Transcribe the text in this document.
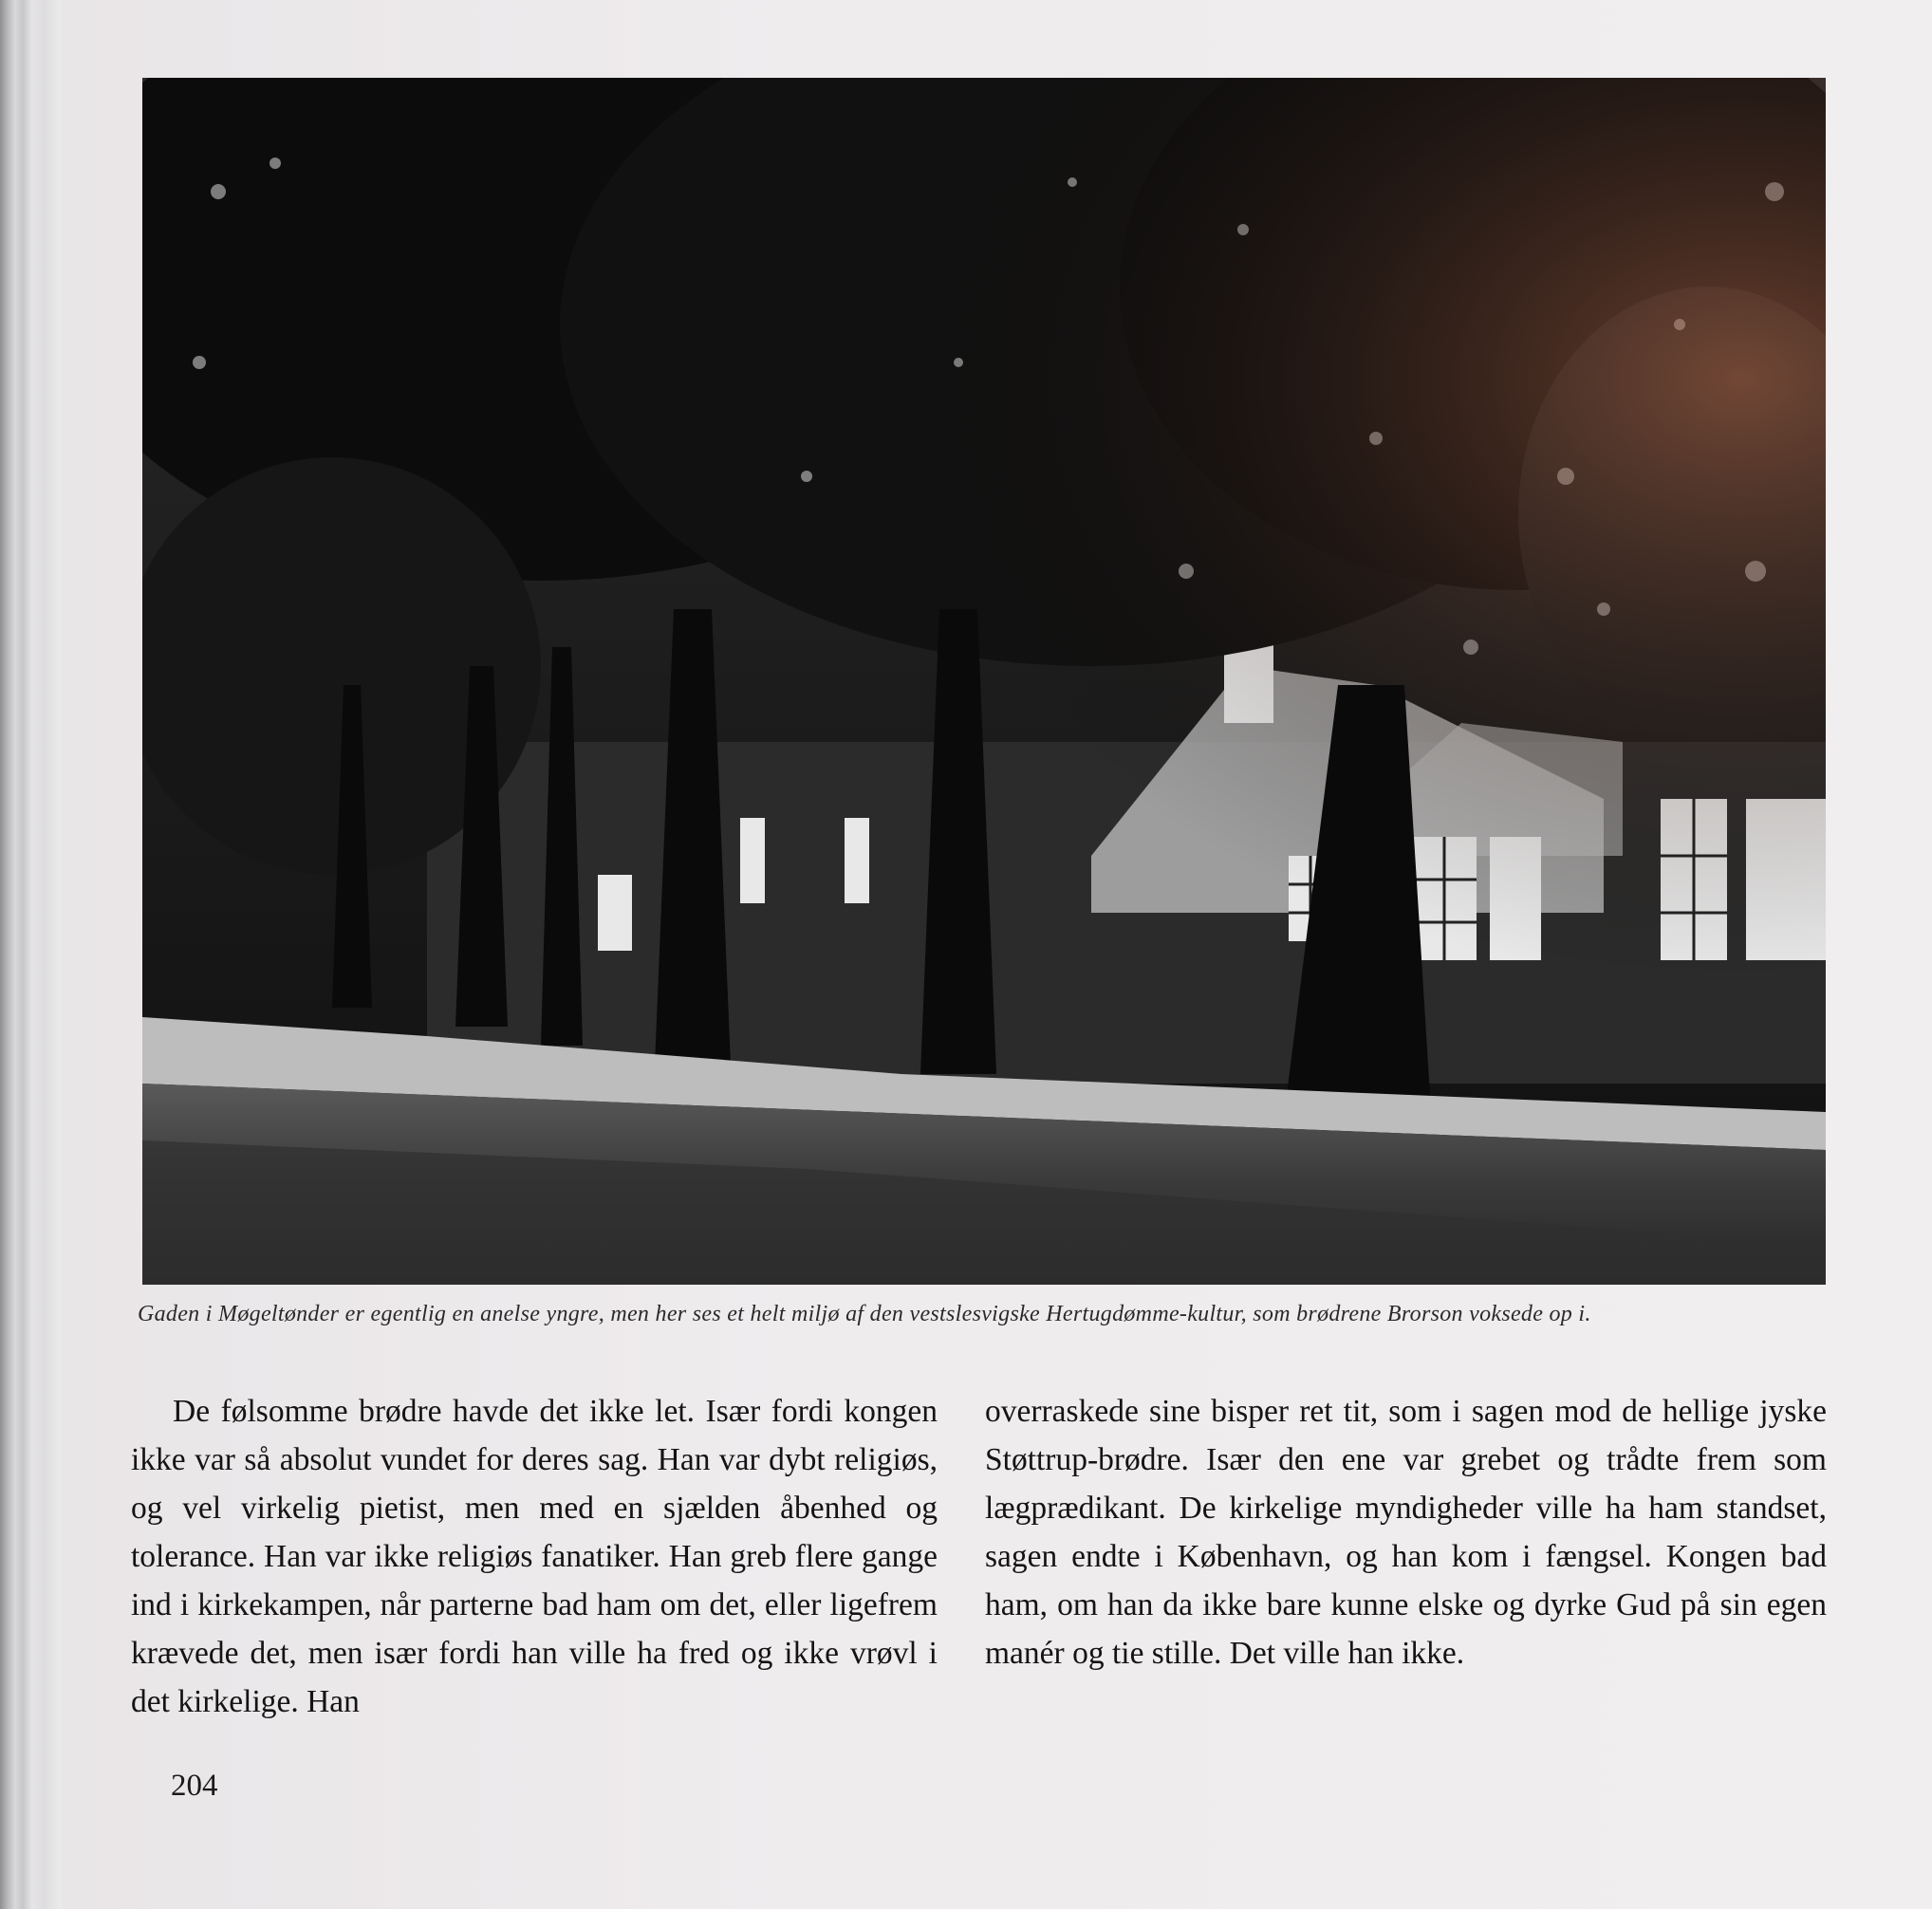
Gaden i Møgeltønder er egentlig en anelse yngre, men her ses et helt miljø af den vestslesvigske Hertugdømme-kultur, som brødrene Brorson voksede op i.
De følsomme brødre havde det ikke let. Især fordi kongen ikke var så absolut vundet for deres sag. Han var dybt religiøs, og vel virkelig pietist, men med en sjælden åbenhed og tolerance. Han var ikke religiøs fanatiker. Han greb flere gange ind i kirkekampen, når parterne bad ham om det, eller ligefrem krævede det, men især fordi han ville ha fred og ikke vrøvl i det kirkelige. Han
overraskede sine bisper ret tit, som i sagen mod de hellige jyske Støttrup-brødre. Især den ene var grebet og trådte frem som lægprædikant. De kirkelige myndigheder ville ha ham standset, sagen endte i København, og han kom i fængsel. Kongen bad ham, om han da ikke bare kunne elske og dyrke Gud på sin egen manér og tie stille. Det ville han ikke.
204
